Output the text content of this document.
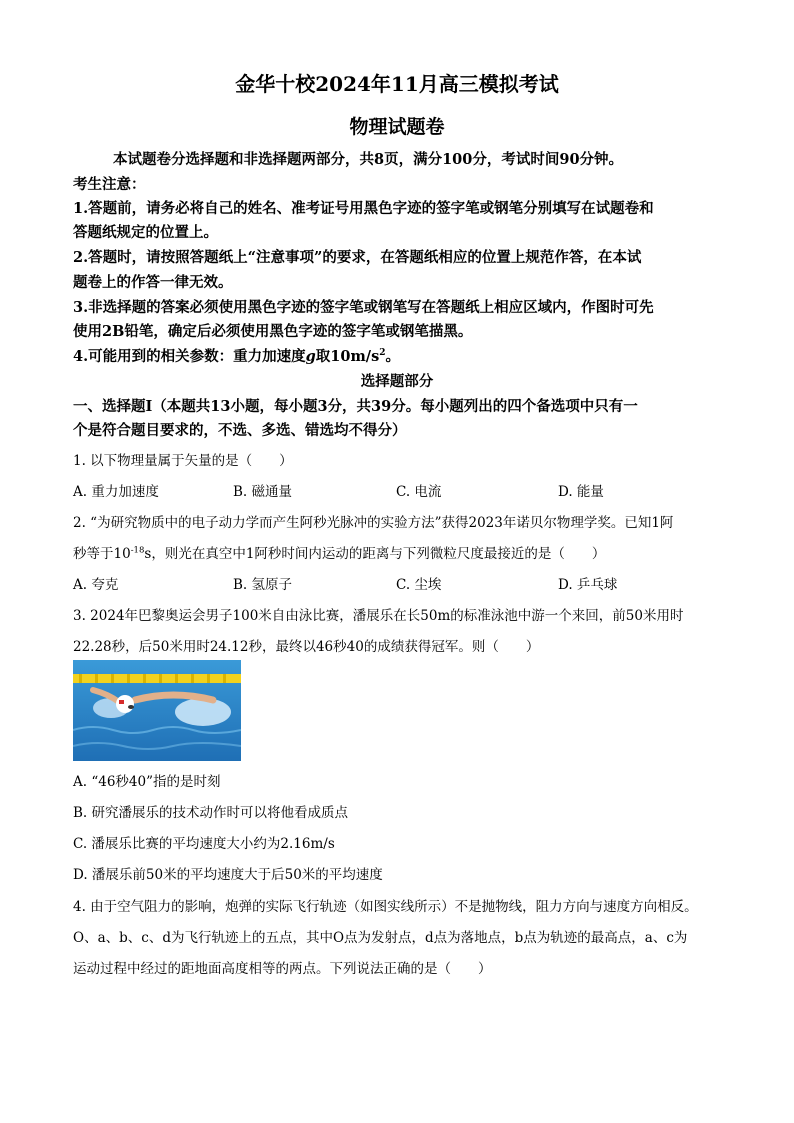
金华十校2024年11月高三模拟考试
物理试题卷
本试题卷分选择题和非选择题两部分，共8页，满分100分，考试时间90分钟。
考生注意：
1.答题前，请务必将自己的姓名、准考证号用黑色字迹的签字笔或钢笔分别填写在试题卷和
答题纸规定的位置上。
2.答题时，请按照答题纸上“注意事项”的要求，在答题纸相应的位置上规范作答，在本试
题卷上的作答一律无效。
3.非选择题的答案必须使用黑色字迹的签字笔或钢笔写在答题纸上相应区域内，作图时可先
使用2B铅笔，确定后必须使用黑色字迹的签字笔或钢笔描黑。
4.可能用到的相关参数：重力加速度g取$10m/s^2$。
选择题部分
一、选择题Ⅰ（本题共13小题，每小题3分，共39分。每小题列出的四个备选项中只有一
个是符合题目要求的，不选、多选、错选均不得分）
1. 以下物理量属于矢量的是（　　）
A. 重力加速度	B. 磁通量	C. 电流	D. 能量
2. “为研究物质中的电子动力学而产生阿秒光脉冲的实验方法”获得2023年诺贝尔物理学奖。已知1阿
秒等于$10^{-18}s$，则光在真空中1阿秒时间内运动的距离与下列微粒尺度最接近的是（　　）
A. 夸克	B. 氢原子	C. 尘埃	D. 乒乓球
3. 2024年巴黎奥运会男子100米自由泳比赛，潘展乐在长50m的标准泳池中游一个来回，前50米用时
22.28秒，后50米用时24.12秒，最终以46秒40的成绩获得冠军。则（　　）
A. “46秒40”指的是时刻
B. 研究潘展乐的技术动作时可以将他看成质点
C. 潘展乐比赛的平均速度大小约为2.16m/s
D. 潘展乐前50米的平均速度大于后50米的平均速度
4. 由于空气阻力的影响，炮弹的实际飞行轨迹（如图实线所示）不是抛物线，阻力方向与速度方向相反。
O、a、b、c、d为飞行轨迹上的五点，其中O点为发射点，d点为落地点，b点为轨迹的最高点，a、c为
运动过程中经过的距地面高度相等的两点。下列说法正确的是（　　）
